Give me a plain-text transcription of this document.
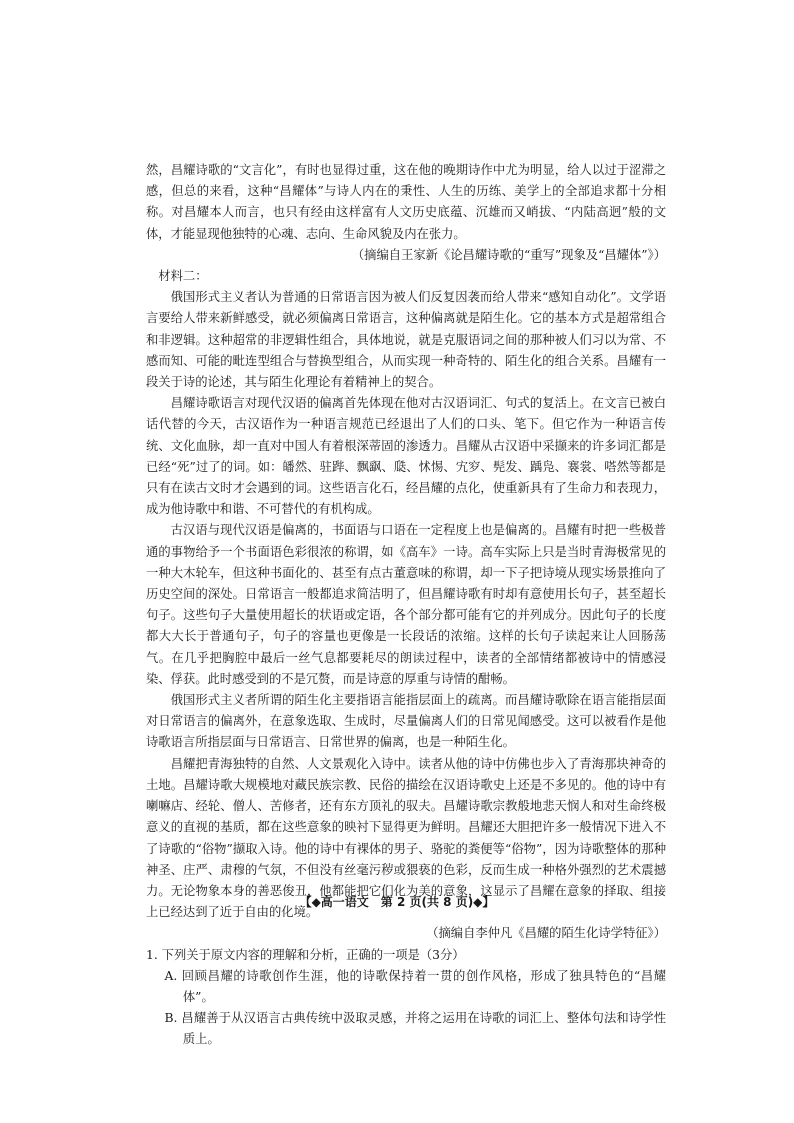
然，昌耀诗歌的“文言化”，有时也显得过重，这在他的晚期诗作中尤为明显，给人以过于涩滞之感，但总的来看，这种“昌耀体”与诗人内在的秉性、人生的历练、美学上的全部追求都十分相称。对昌耀本人而言，也只有经由这样富有人文历史底蕴、沉雄而又峭拔、“内陆高迥”般的文体，才能显现他独特的心魂、志向、生命风貌及内在张力。

（摘编自王家新《论昌耀诗歌的“重写”现象及“昌耀体”》）

材料二：

俄国形式主义者认为普通的日常语言因为被人们反复因袭而给人带来“感知自动化”。文学语言要给人带来新鲜感受，就必须偏离日常语言，这种偏离就是陌生化。它的基本方式是超常组合和非逻辑。这种超常的非逻辑性组合，具体地说，就是克服语词之间的那种被人们习以为常、不感而知、可能的毗连型组合与替换型组合，从而实现一种奇特的、陌生化的组合关系。昌耀有一段关于诗的论述，其与陌生化理论有着精神上的契合。

昌耀诗歌语言对现代汉语的偏离首先体现在他对古汉语词汇、句式的复活上。在文言已被白话代替的今天，古汉语作为一种语言规范已经退出了人们的口头、笔下。但它作为一种语言传统、文化血脉，却一直对中国人有着根深蒂固的渗透力。昌耀从古汉语中采撷来的许多词汇都是已经“死”过了的词。如：皤然、驻跸、飘飖、瓞、怵惕、宄穸、髡发、踽凫、褰裳、嗒然等都是只有在读古文时才会遇到的词。这些语言化石，经昌耀的点化，使重新具有了生命力和表现力，成为他诗歌中和谐、不可替代的有机构成。

古汉语与现代汉语是偏离的，书面语与口语在一定程度上也是偏离的。昌耀有时把一些极普通的事物给予一个书面语色彩很浓的称谓，如《高车》一诗。高车实际上只是当时青海极常见的一种大木轮车，但这种书面化的、甚至有点古董意味的称谓，却一下子把诗境从现实场景推向了历史空间的深处。日常语言一般都追求简洁明了，但昌耀诗歌有时却有意使用长句子，甚至超长句子。这些句子大量使用超长的状语或定语，各个部分都可能有它的并列成分。因此句子的长度都大大长于普通句子，句子的容量也更像是一长段话的浓缩。这样的长句子读起来让人回肠荡气。在几乎把胸腔中最后一丝气息都要耗尽的朗读过程中，读者的全部情绪都被诗中的情感浸染、俘获。此时感受到的不是冗赘，而是诗意的厚重与诗情的酣畅。

俄国形式主义者所谓的陌生化主要指语言能指层面上的疏离。而昌耀诗歌除在语言能指层面对日常语言的偏离外，在意象选取、生成时，尽量偏离人们的日常见闻感受。这可以被看作是他诗歌语言所指层面与日常语言、日常世界的偏离，也是一种陌生化。

昌耀把青海独特的自然、人文景观化入诗中。读者从他的诗中仿佛也步入了青海那块神奇的土地。昌耀诗歌大规模地对藏民族宗教、民俗的描绘在汉语诗歌史上还是不多见的。他的诗中有喇嘛店、经轮、僧人、苦修者，还有东方顶礼的驭夫。昌耀诗歌宗教般地悲天悯人和对生命终极意义的直视的基质，都在这些意象的映衬下显得更为鲜明。昌耀还大胆把许多一般情况下进入不了诗歌的“俗物”撷取入诗。他的诗中有裸体的男子、骆驼的粪便等“俗物”，因为诗歌整体的那种神圣、庄严、肃穆的气氛，不但没有丝毫污秽或猥亵的色彩，反而生成一种格外强烈的艺术震撼力。无论物象本身的善恶俊丑，他都能把它们化为美的意象，这显示了昌耀在意象的择取、组接上已经达到了近于自由的化境。

（摘编自李仲凡《昌耀的陌生化诗学特征》）

1. 下列关于原文内容的理解和分析，正确的一项是（3分）

A. 回顾昌耀的诗歌创作生涯，他的诗歌保持着一贯的创作风格，形成了独具特色的“昌耀体”。

B. 昌耀善于从汉语言古典传统中汲取灵感，并将之运用在诗歌的词汇上、整体句法和诗学性质上。

【◆高一语文　第 2 页(共 8 页)◆】
